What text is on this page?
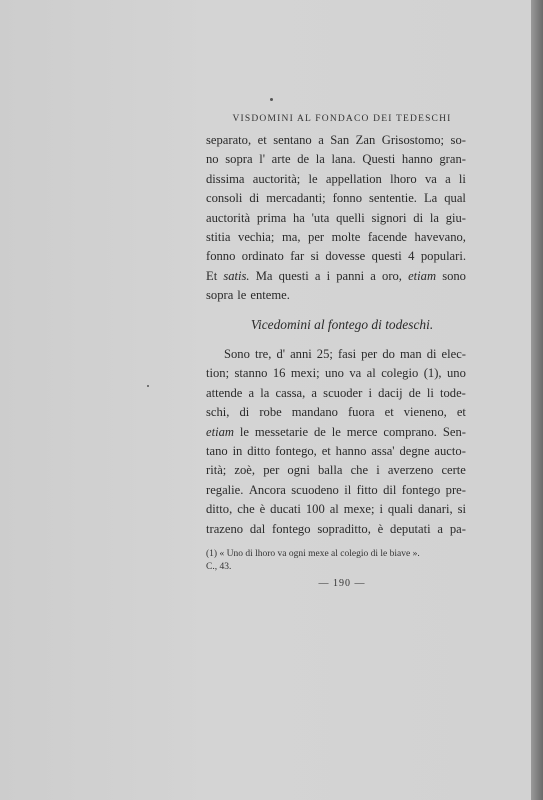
VISDOMINI AL FONDACO DEI TEDESCHI
separato, et sentano a San Zan Grisostomo; so-
no sopra l' arte de la lana. Questi hanno gran-
dissima auctorità; le appellation lhoro va a li
consoli di mercadanti; fonno sententie. La qual
auctorità prima ha 'uta quelli signori di la giu-
stitia vechia; ma, per molte facende havevano,
fonno ordinato far si dovesse questi 4 populari.
Et satis. Ma questi a i panni a oro, etiam sono
sopra le enteme.
Vicedomini al fontego di todeschi.
Sono tre, d' anni 25; fasi per do man di elec-
tion; stanno 16 mexi; uno va al colegio (1), uno
attende a la cassa, a scuoder i dacij de li tode-
schi, di robe mandano fuora et vieneno, et
etiam le messetarie de le merce comprano. Sen-
tano in ditto fontego, et hanno assa' degne aucto-
rità; zoè, per ogni balla che i averzeno certe
regalie. Ancora scuodeno il fitto dil fontego pre-
ditto, che è ducati 100 al mexe; i quali danari, si
trazeno dal fontego sopraditto, è deputati a pa-
(1) « Uno di lhoro va ogni mexe al colegio di le biave ».
C., 43.
— 190 —
